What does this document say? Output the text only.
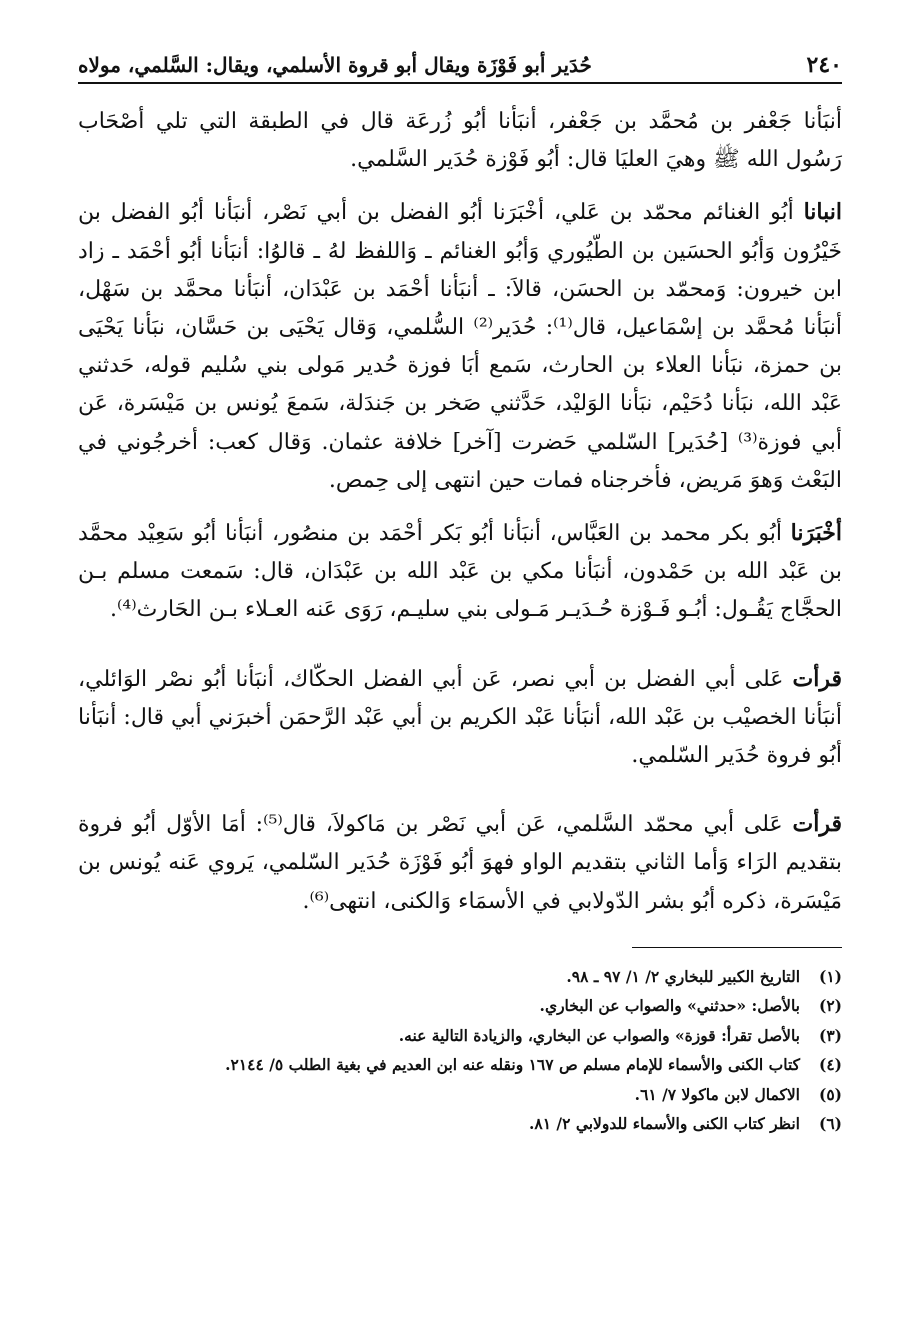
٢٤٠
حُدَير أبو فَوْزَة ويقال أبو قروة الأسلمي، ويقال: السَّلمي، مولاه

أنبَأنا جَعْفر بن مُحمَّد بن جَعْفر، أنبَأنا أبُو زُرعَة قال في الطبقة التي تلي أصْحَاب رَسُول الله ﷺ وهيَ العليَا قال: أبُو فَوْزة حُدَير السَّلمي.

انبانا أبُو الغنائم محمّد بن عَلي، أخْبَرَنا أبُو الفضل بن أبي نَصْر، أنبَأنا أبُو الفضل بن خَيْرُون وَأبُو الحسَين بن الطّيُوري وَأبُو الغنائم ـ وَاللفظ لهُ ـ قالوُا: أنبَأنا أبُو أحْمَد ـ زاد ابن خيرون: وَمحمّد بن الحسَن، قالاَ: ـ أنبَأنا أحْمَد بن عَبْدَان، أنبَأنا محمَّد بن سَهْل، أنبَأنا مُحمَّد بن إسْمَاعيل، قال⁽¹⁾: حُدَير⁽²⁾ السُّلمي، وَقال يَحْيَى بن حَسَّان، نبَأنا يَحْيَى بن حمزة، نبَأنا العلاء بن الحارث، سَمع أبَا فوزة حُدير مَولى بني سُليم قوله، حَدثني عَبْد الله، نبَأنا دُحَيْم، نبَأنا الوَليْد، حَدَّثني صَخر بن جَندَلة، سَمعَ يُونس بن مَيْسَرة، عَن أبي فوزة⁽³⁾ [حُدَير] السّلمي حَضرت [آخر] خلافة عثمان. وَقال كعب: أخرجُوني في البَعْث وَهوَ مَريض، فأخرجناه فمات حين انتهى إلى حِمص.

أخْبَرَنا أبُو بكر محمد بن العَبَّاس، أنبَأنا أبُو بَكر أحْمَد بن منصُور، أنبَأنا أبُو سَعِيْد محمَّد بن عَبْد الله بن حَمْدون، أنبَأنا مكي بن عَبْد الله بن عَبْدَان، قال: سَمعت مسلم بـن الحجَّاج يَقُـول: أبُـو فَـوْزة حُـدَيـر مَـولى بني سليـم، رَوَى عَنه العـلاء بـن الحَارث⁽⁴⁾.

قرأت عَلى أبي الفضل بن أبي نصر، عَن أبي الفضل الحكّاك، أنبَأنا أبُو نصْر الوَائلي، أنبَأنا الخصيْب بن عَبْد الله، أنبَأنا عَبْد الكريم بن أبي عَبْد الرَّحمَن أخبرَني أبي قال: أنبَأنا أبُو فروة حُدَير السّلمي.

قرأت عَلى أبي محمّد السَّلمي، عَن أبي نَصْر بن مَاكولاَ، قال⁽⁵⁾: أمَا الأوّل أبُو فروة بتقديم الرَاء وَأما الثاني بتقديم الواو فهوَ أبُو فَوْزَة حُدَير السّلمي، يَروي عَنه يُونس بن مَيْسَرة، ذكره أبُو بشر الدّولابي في الأسمَاء وَالكنى، انتهى⁽⁶⁾.

(١)
التاريخ الكبير للبخاري ٢/ ١/ ٩٧ ـ ٩٨.
(٢)
بالأصل: «حدثني» والصواب عن البخاري.
(٣)
بالأصل تقرأ: قوزة» والصواب عن البخاري، والزيادة التالية عنه.
(٤)
كتاب الكنى والأسماء للإمام مسلم ص ١٦٧ ونقله عنه ابن العديم في بغية الطلب ٥/ ٢١٤٤.
(٥)
الاكمال لابن ماكولا ٧/ ٦١.
(٦)
انظر كتاب الكنى والأسماء للدولابي ٢/ ٨١.
